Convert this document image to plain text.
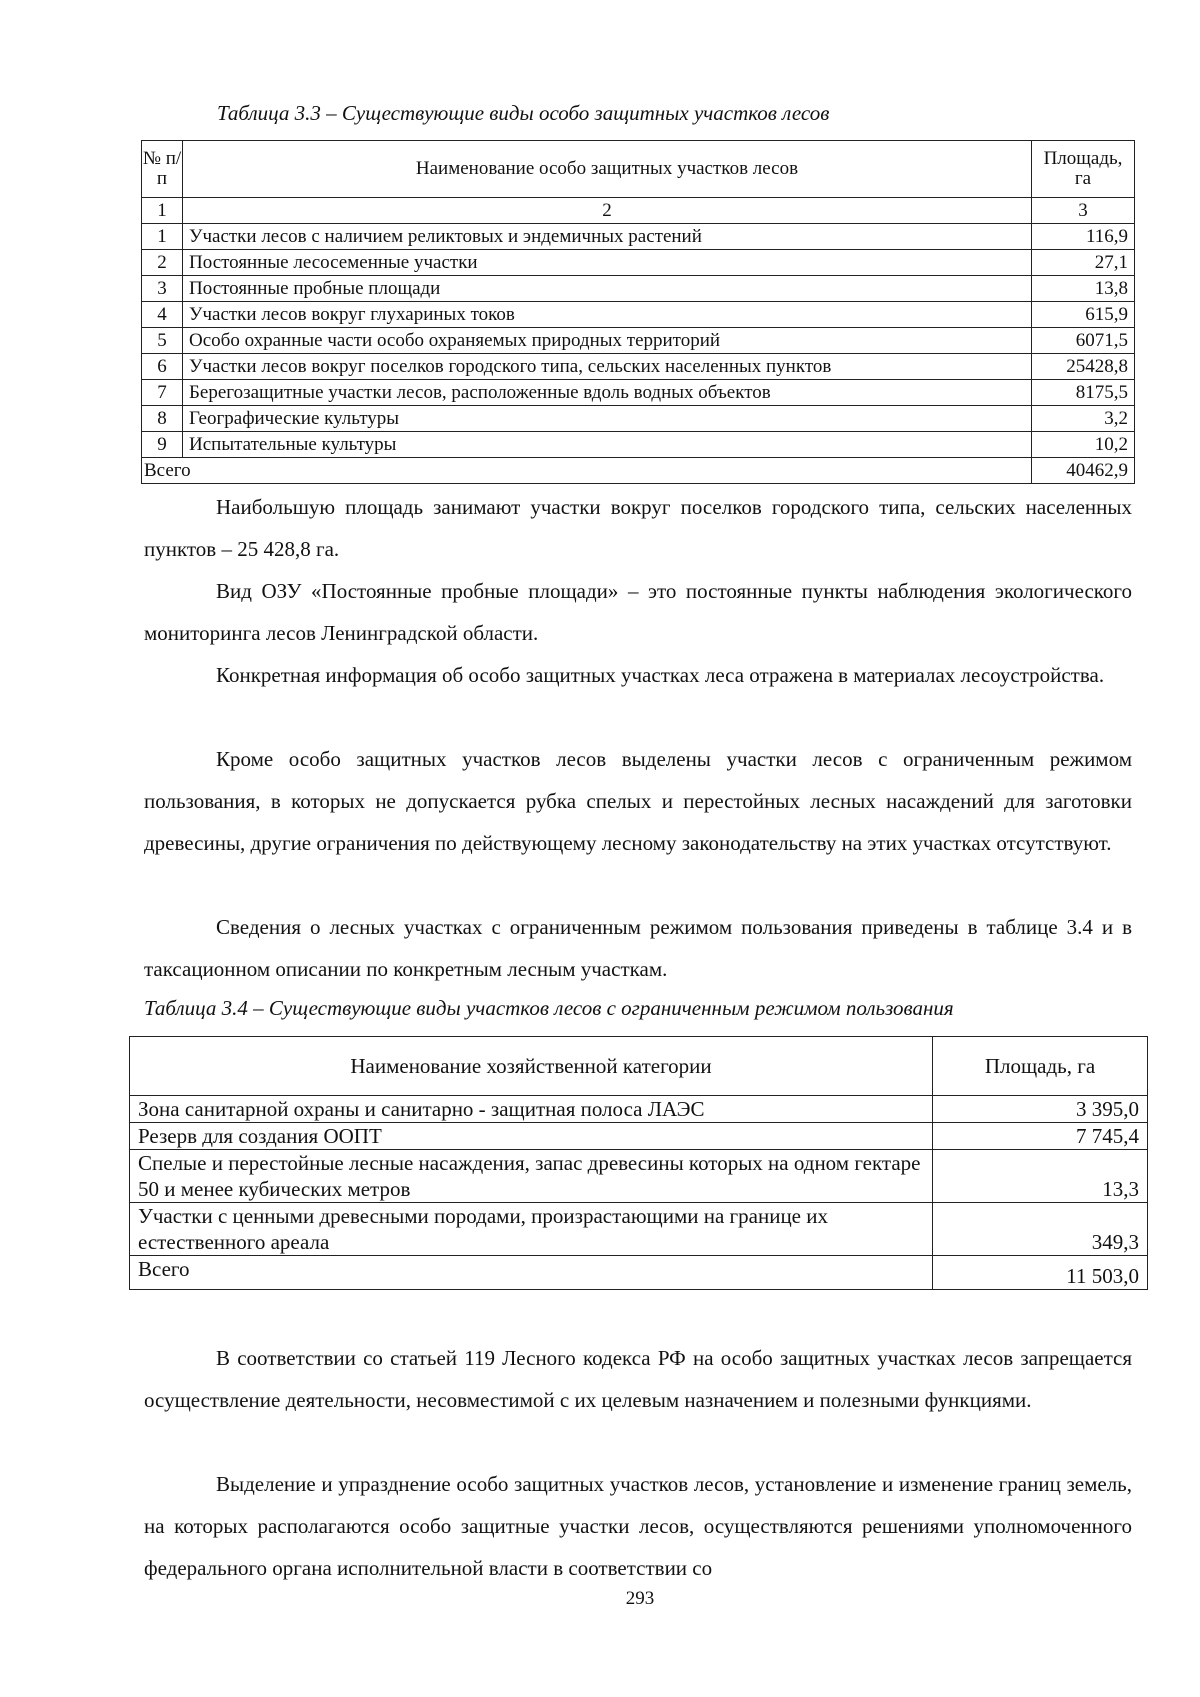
Таблица 3.3 – Существующие виды особо защитных участков лесов
№ п/п	Наименование особо защитных участков лесов	Площадь, га
1	2	3
1	Участки лесов с наличием реликтовых и эндемичных растений	116,9
2	Постоянные лесосеменные участки	27,1
3	Постоянные пробные площади	13,8
4	Участки лесов вокруг глухариных токов	615,9
5	Особо охранные части особо охраняемых природных территорий	6071,5
6	Участки лесов вокруг поселков городского типа, сельских населенных пунктов	25428,8
7	Берегозащитные участки лесов, расположенные вдоль водных объектов	8175,5
8	Географические культуры	3,2
9	Испытательные культуры	10,2
Всего		40462,9

Наибольшую площадь занимают участки вокруг поселков городского типа, сельских населенных пунктов – 25 428,8 га.

Вид ОЗУ «Постоянные пробные площади» – это постоянные пункты наблюдения экологического мониторинга лесов Ленинградской области.

Конкретная информация об особо защитных участках леса отражена в материалах лесоустройства.

Кроме особо защитных участков лесов выделены участки лесов с ограниченным режимом пользования, в которых не допускается рубка спелых и перестойных лесных насаждений для заготовки древесины, другие ограничения по действующему лесному законодательству на этих участках отсутствуют.

Сведения о лесных участках с ограниченным режимом пользования приведены в таблице 3.4 и в таксационном описании по конкретным лесным участкам.

Таблица 3.4 – Существующие виды участков лесов с ограниченным режимом пользования
Наименование хозяйственной категории	Площадь, га
Зона санитарной охраны и санитарно - защитная полоса ЛАЭС	3 395,0
Резерв для создания ООПТ	7 745,4
Спелые и перестойные лесные насаждения, запас древесины которых на одном гектаре 50 и менее кубических метров	13,3
Участки с ценными древесными породами, произрастающими на границе их естественного ареала	349,3
Всего	11 503,0

В соответствии со статьей 119 Лесного кодекса РФ на особо защитных участках лесов запрещается осуществление деятельности, несовместимой с их целевым назначением и полезными функциями.

Выделение и упразднение особо защитных участков лесов, установление и изменение границ земель, на которых располагаются особо защитные участки лесов, осуществляются решениями уполномоченного федерального органа исполнительной власти в соответствии со

293
